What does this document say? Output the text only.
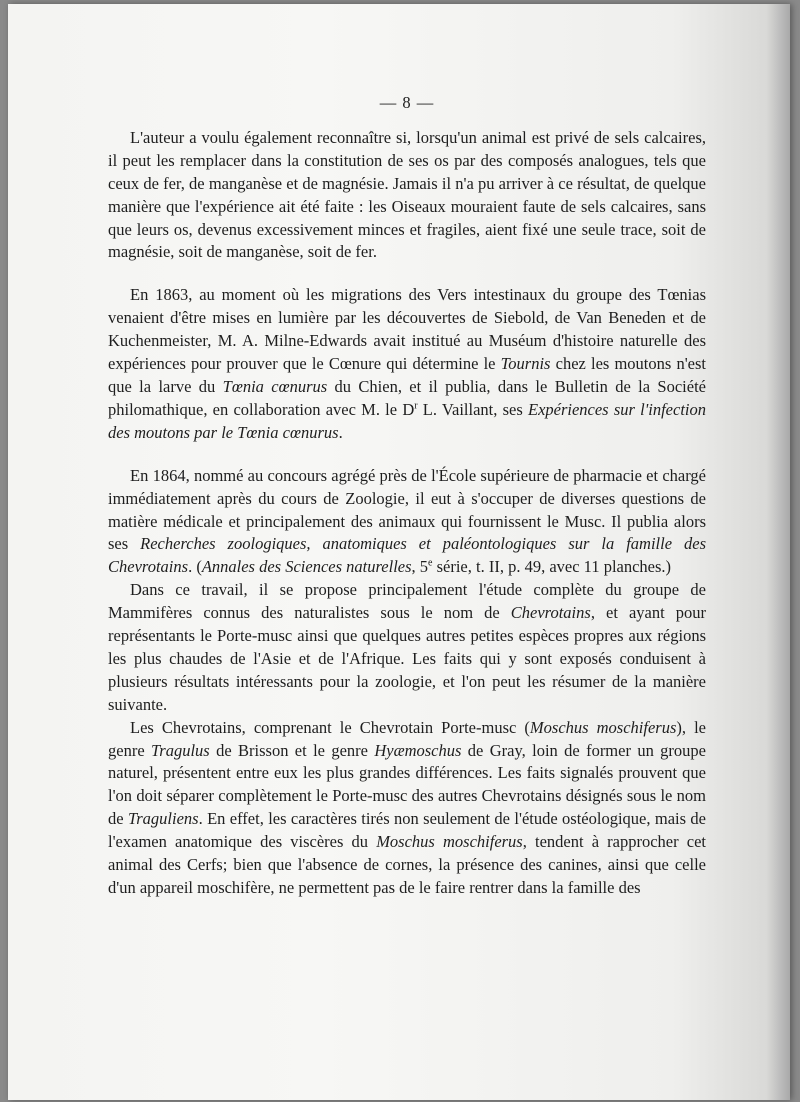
— 8 —

L'auteur a voulu également reconnaître si, lorsqu'un animal est privé de sels calcaires, il peut les remplacer dans la constitution de ses os par des composés analogues, tels que ceux de fer, de manganèse et de magnésie. Jamais il n'a pu arriver à ce résultat, de quelque manière que l'expérience ait été faite : les Oiseaux mouraient faute de sels calcaires, sans que leurs os, devenus excessivement minces et fragiles, aient fixé une seule trace, soit de magnésie, soit de manganèse, soit de fer.

En 1863, au moment où les migrations des Vers intestinaux du groupe des Tœnias venaient d'être mises en lumière par les découvertes de Siebold, de Van Beneden et de Kuchenmeister, M. A. Milne-Edwards avait institué au Muséum d'histoire naturelle des expériences pour prouver que le Cœnure qui détermine le Tournis chez les moutons n'est que la larve du Tœnia cœnurus du Chien, et il publia, dans le Bulletin de la Société philomathique, en collaboration avec M. le $D^r$ L. Vaillant, ses Expériences sur l'infection des moutons par le Tœnia cœnurus.

En 1864, nommé au concours agrégé près de l'École supérieure de pharmacie et chargé immédiatement après du cours de Zoologie, il eut à s'occuper de diverses questions de matière médicale et principalement des animaux qui fournissent le Musc. Il publia alors ses Recherches zoologiques, anatomiques et paléontologiques sur la famille des Chevrotains. (Annales des Sciences naturelles, 5e série, t. II, p. 49, avec 11 planches.)

Dans ce travail, il se propose principalement l'étude complète du groupe de Mammifères connus des naturalistes sous le nom de Chevrotains, et ayant pour représentants le Porte-musc ainsi que quelques autres petites espèces propres aux régions les plus chaudes de l'Asie et de l'Afrique. Les faits qui y sont exposés conduisent à plusieurs résultats intéressants pour la zoologie, et l'on peut les résumer de la manière suivante.

Les Chevrotains, comprenant le Chevrotain Porte-musc (Moschus moschiferus), le genre Tragulus de Brisson et le genre Hyæmoschus de Gray, loin de former un groupe naturel, présentent entre eux les plus grandes différences. Les faits signalés prouvent que l'on doit séparer complètement le Porte-musc des autres Chevrotains désignés sous le nom de Traguliens. En effet, les caractères tirés non seulement de l'étude ostéologique, mais de l'examen anatomique des viscères du Moschus moschiferus, tendent à rapprocher cet animal des Cerfs; bien que l'absence de cornes, la présence des canines, ainsi que celle d'un appareil moschifère, ne permettent pas de le faire rentrer dans la famille des
